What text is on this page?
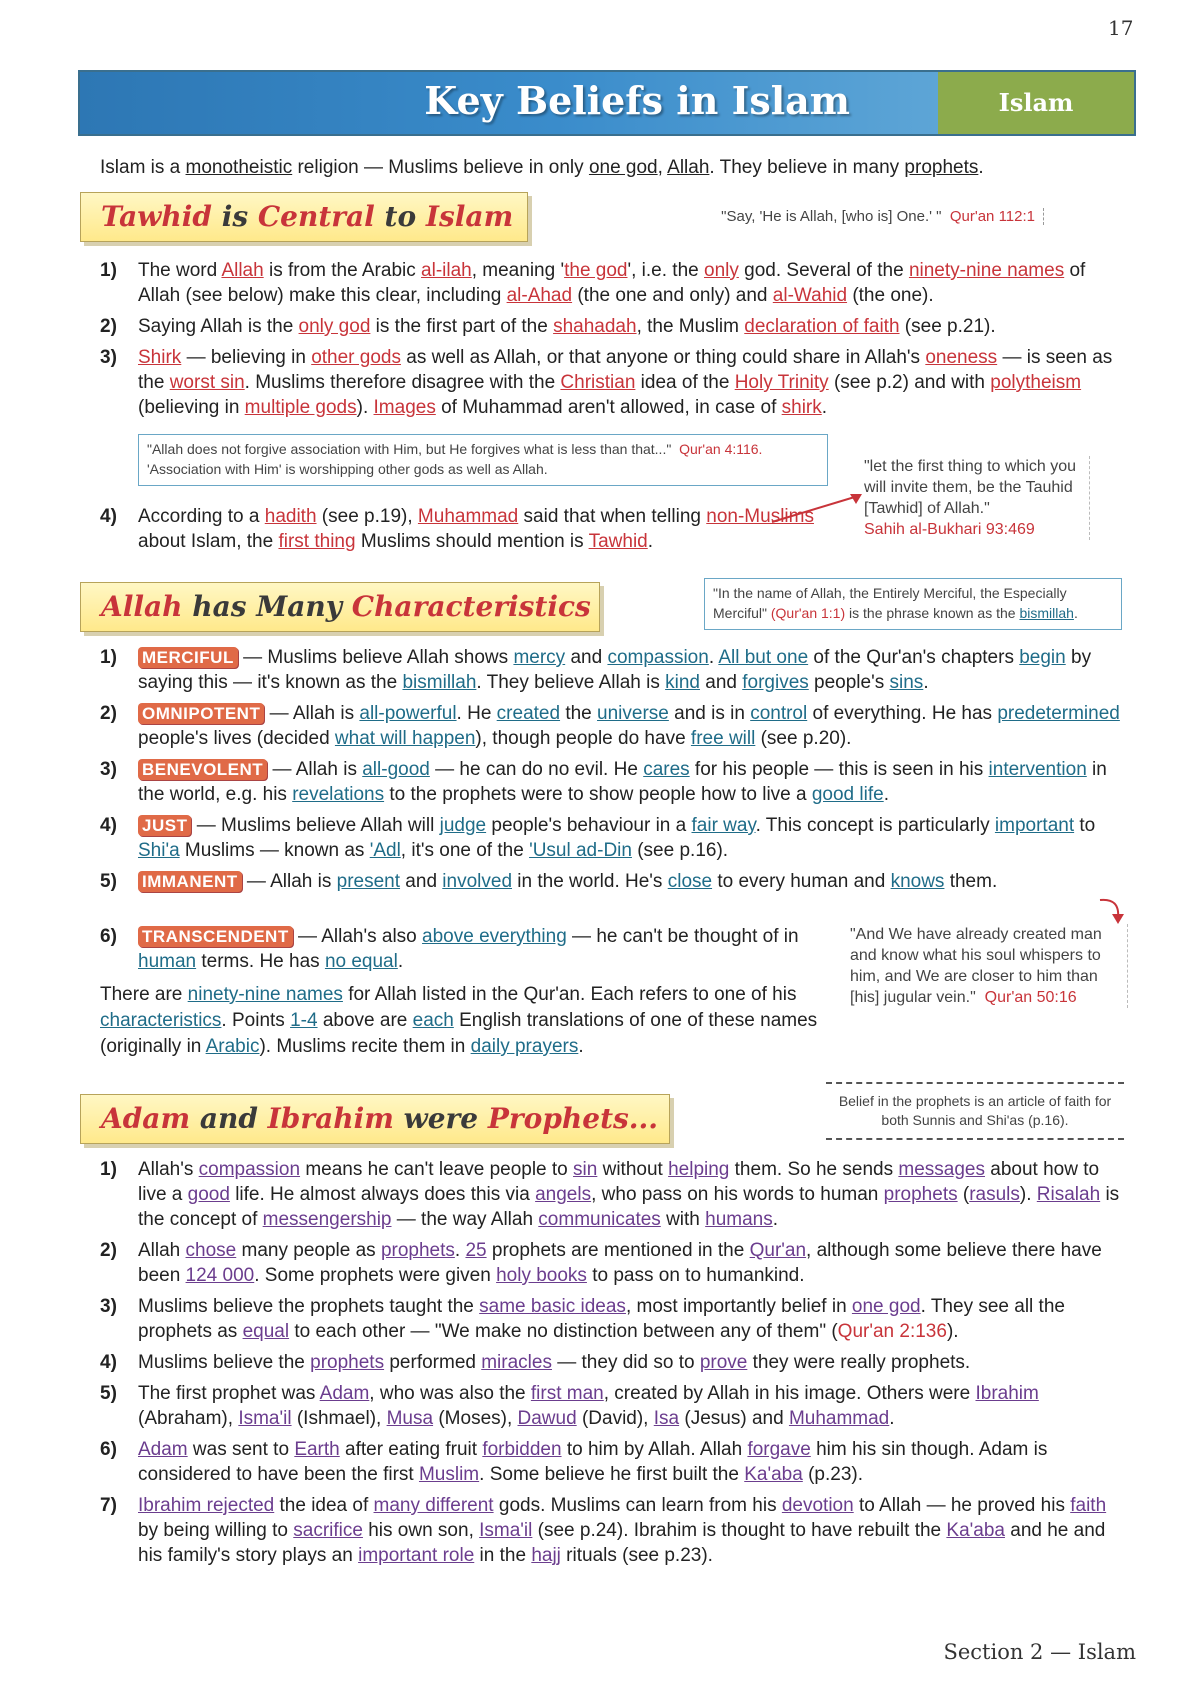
17
Key Beliefs in Islam	Islam
Islam is a monotheistic religion — Muslims believe in only one god, Allah. They believe in many prophets.
Tawhid is Central to Islam	"Say, 'He is Allah, [who is] One.' " Qur'an 112:1
1) The word Allah is from the Arabic al-ilah, meaning 'the god', i.e. the only god. Several of the ninety-nine names of Allah (see below) make this clear, including al-Ahad (the one and only) and al-Wahid (the one).
2) Saying Allah is the only god is the first part of the shahadah, the Muslim declaration of faith (see p.21).
3) Shirk — believing in other gods as well as Allah, or that anyone or thing could share in Allah's oneness — is seen as the worst sin. Muslims therefore disagree with the Christian idea of the Holy Trinity (see p.2) and with polytheism (believing in multiple gods). Images of Muhammad aren't allowed, in case of shirk.
"Allah does not forgive association with Him, but He forgives what is less than that..." Qur'an 4:116.
'Association with Him' is worshipping other gods as well as Allah.	"let the first thing to which you will invite them, be the Tauhid [Tawhid] of Allah."
Sahih al-Bukhari 93:469
4) According to a hadith (see p.19), Muhammad said that when telling non-Muslims about Islam, the first thing Muslims should mention is Tawhid.
Allah has Many Characteristics	"In the name of Allah, the Entirely Merciful, the Especially Merciful" (Qur'an 1:1) is the phrase known as the bismillah.
1) MERCIFUL — Muslims believe Allah shows mercy and compassion. All but one of the Qur'an's chapters begin by saying this — it's known as the bismillah. They believe Allah is kind and forgives people's sins.
2) OMNIPOTENT — Allah is all-powerful. He created the universe and is in control of everything. He has predetermined people's lives (decided what will happen), though people do have free will (see p.20).
3) BENEVOLENT — Allah is all-good — he can do no evil. He cares for his people — this is seen in his intervention in the world, e.g. his revelations to the prophets were to show people how to live a good life.
4) JUST — Muslims believe Allah will judge people's behaviour in a fair way. This concept is particularly important to Shi'a Muslims — known as 'Adl, it's one of the 'Usul ad-Din (see p.16).
5) IMMANENT — Allah is present and involved in the world. He's close to every human and knows them.
6) TRANSCENDENT — Allah's also above everything — he can't be thought of in human terms. He has no equal.
There are ninety-nine names for Allah listed in the Qur'an. Each refers to one of his characteristics. Points 1-4 above are each English translations of one of these names (originally in Arabic). Muslims recite them in daily prayers.
"And We have already created man and know what his soul whispers to him, and We are closer to him than [his] jugular vein." Qur'an 50:16
Adam and Ibrahim were Prophets...
Belief in the prophets is an article of faith for both Sunnis and Shi'as (p.16).
1) Allah's compassion means he can't leave people to sin without helping them. So he sends messages about how to live a good life. He almost always does this via angels, who pass on his words to human prophets (rasuls). Risalah is the concept of messengership — the way Allah communicates with humans.
2) Allah chose many people as prophets. 25 prophets are mentioned in the Qur'an, although some believe there have been 124 000. Some prophets were given holy books to pass on to humankind.
3) Muslims believe the prophets taught the same basic ideas, most importantly belief in one god. They see all the prophets as equal to each other — "We make no distinction between any of them" (Qur'an 2:136).
4) Muslims believe the prophets performed miracles — they did so to prove they were really prophets.
5) The first prophet was Adam, who was also the first man, created by Allah in his image. Others were Ibrahim (Abraham), Isma'il (Ishmael), Musa (Moses), Dawud (David), Isa (Jesus) and Muhammad.
6) Adam was sent to Earth after eating fruit forbidden to him by Allah. Allah forgave him his sin though. Adam is considered to have been the first Muslim. Some believe he first built the Ka'aba (p.23).
7) Ibrahim rejected the idea of many different gods. Muslims can learn from his devotion to Allah — he proved his faith by being willing to sacrifice his own son, Isma'il (see p.24). Ibrahim is thought to have rebuilt the Ka'aba and he and his family's story plays an important role in the hajj rituals (see p.23).
Section 2 — Islam
